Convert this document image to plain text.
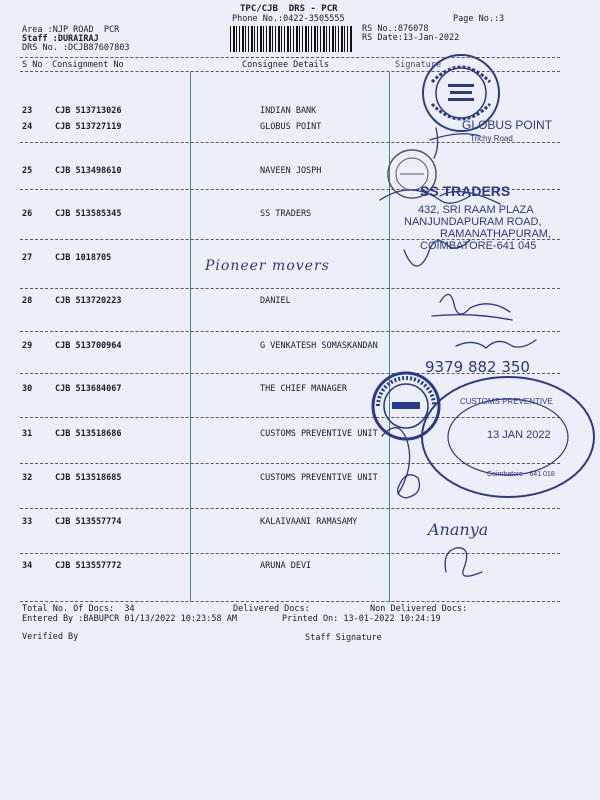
TPC/CJB  DRS - PCR
Phone No.:0422-3505555	Page No.:3
Area :NJP ROAD  PCR
Staff :DURAIRAJ
DRS No. :DCJB87607803
RS No.:876078
RS Date:13-Jan-2022
S No Consignment No	Consignee Details	Signature
23	CJB 513713026	INDIAN BANK
24	CJB 513727119	GLOBUS POINT
25	CJB 513498610	NAVEEN JOSPH
26	CJB 513585345	SS TRADERS
27	CJB 1018705
28	CJB 513720223	DANIEL
29	CJB 513700964	G VENKATESH SOMASKANDAN
30	CJB 513684067	THE CHIEF MANAGER
31	CJB 513518686	CUSTOMS PREVENTIVE UNIT
32	CJB 513518685	CUSTOMS PREVENTIVE UNIT
33	CJB 513557774	KALAIVAANI RAMASAMY
34	CJB 513557772	ARUNA DEVI
Pioneer movers
9379 882 350
Ananya
GLOBUS POINT
Trichy Road
SS TRADERS
432, SRI RAAM PLAZA
NANJUNDAPURAM ROAD,
RAMANATHAPURAM,
COIMBATORE-641 045
CUSTOMS PREVENTIVE
13 JAN 2022
Coimbatore - 641 018
Total No. Of Docs:  34	Delivered Docs:	Non Delivered Docs:
Entered By :BABUPCR 01/13/2022 10:23:58 AM	Printed On: 13-01-2022 10:24:19
Verified By	Staff Signature
